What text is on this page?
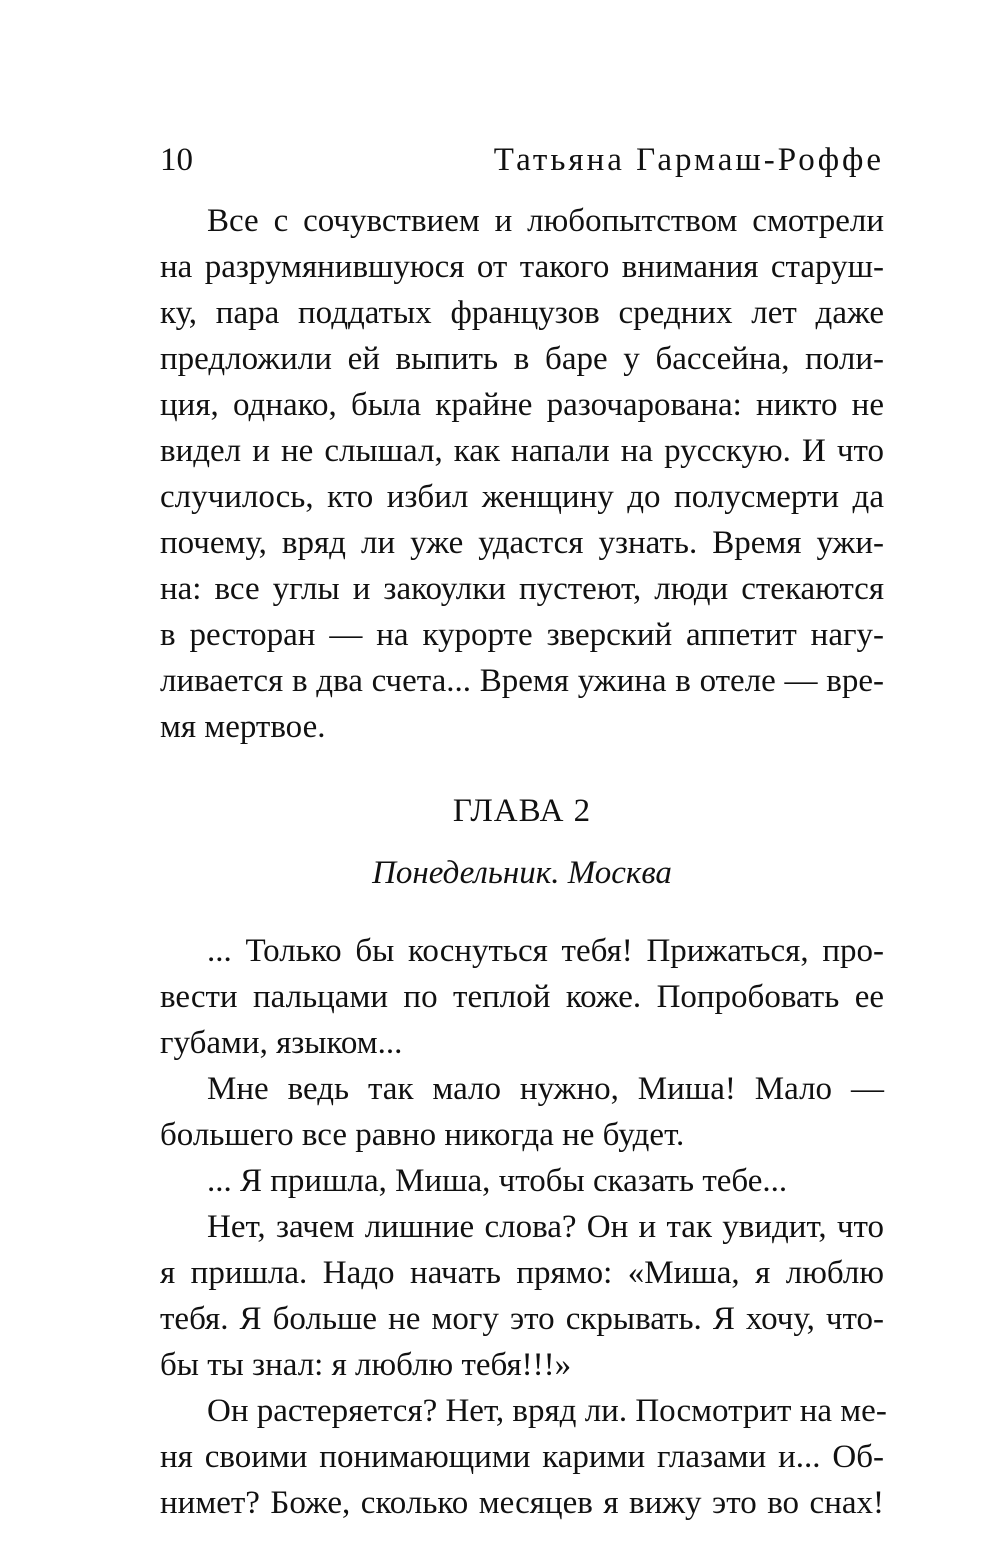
10	Татьяна Гармаш-Роффе
Все с сочувствием и любопытством смотрели
на разрумянившуюся от такого внимания старуш-
ку, пара поддатых французов средних лет даже
предложили ей выпить в баре у бассейна, поли-
ция, однако, была крайне разочарована: никто не
видел и не слышал, как напали на русскую. И что
случилось, кто избил женщину до полусмерти да
почему, вряд ли уже удастся узнать. Время ужи-
на: все углы и закоулки пустеют, люди стекаются
в ресторан — на курорте зверский аппетит нагу-
ливается в два счета... Время ужина в отеле — вре-
мя мертвое.
ГЛАВА 2
Понедельник. Москва
... Только бы коснуться тебя! Прижаться, про-
вести пальцами по теплой коже. Попробовать ее
губами, языком...
Мне ведь так мало нужно, Миша! Мало —
большего все равно никогда не будет.
... Я пришла, Миша, чтобы сказать тебе...
Нет, зачем лишние слова? Он и так увидит, что
я пришла. Надо начать прямо: «Миша, я люблю
тебя. Я больше не могу это скрывать. Я хочу, что-
бы ты знал: я люблю тебя!!!»
Он растеряется? Нет, вряд ли. Посмотрит на ме-
ня своими понимающими карими глазами и... Об-
нимет? Боже, сколько месяцев я вижу это во снах!
